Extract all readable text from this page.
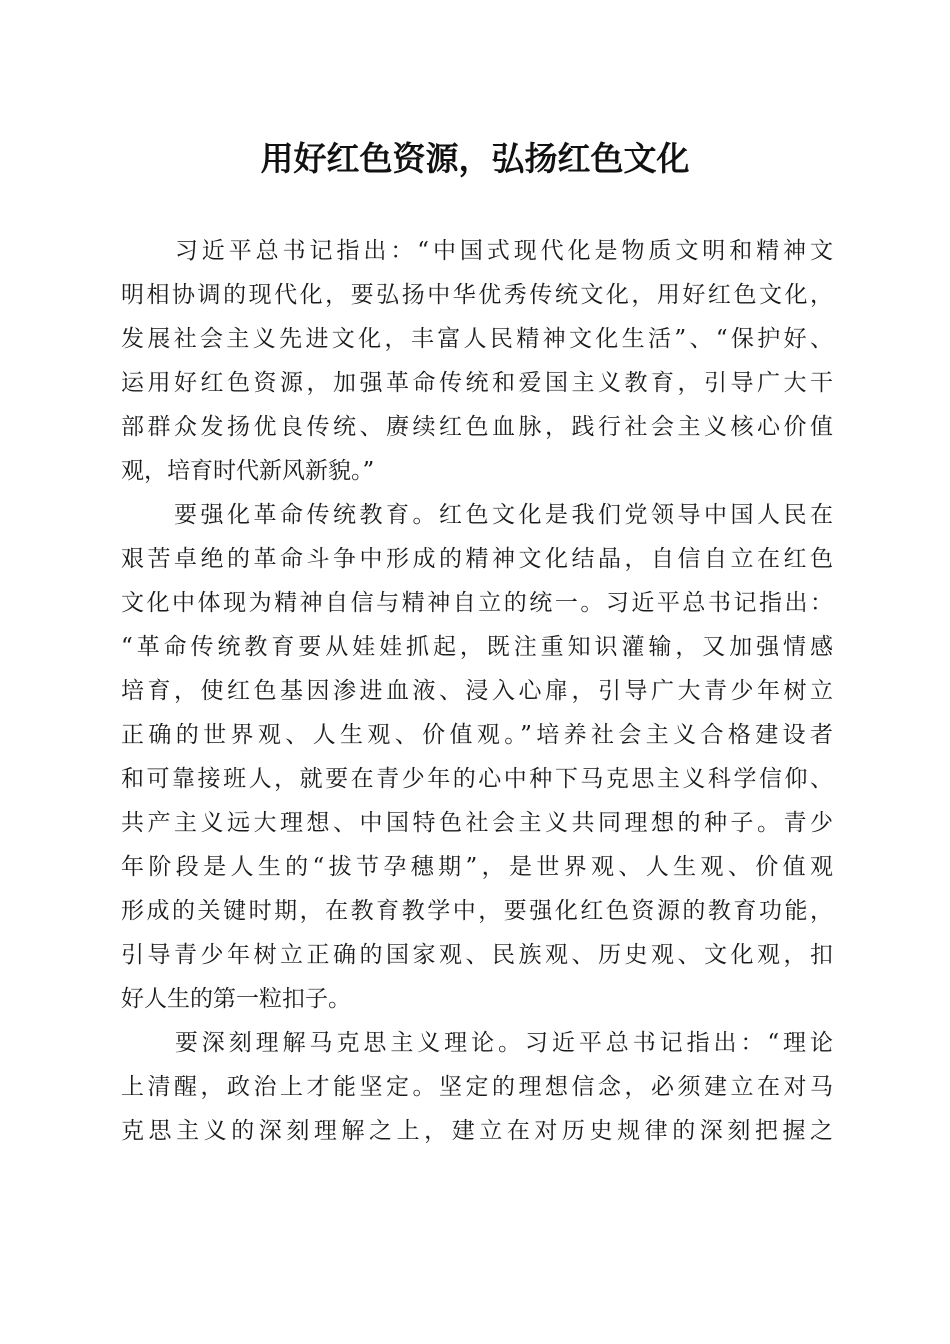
用好红色资源，弘扬红色文化
　　习近平总书记指出：“中国式现代化是物质文明和精神文
明相协调的现代化，要弘扬中华优秀传统文化，用好红色文化，
发展社会主义先进文化，丰富人民精神文化生活”、“保护好、
运用好红色资源，加强革命传统和爱国主义教育，引导广大干
部群众发扬优良传统、赓续红色血脉，践行社会主义核心价值
观，培育时代新风新貌。”
　　要强化革命传统教育。红色文化是我们党领导中国人民在
艰苦卓绝的革命斗争中形成的精神文化结晶，自信自立在红色
文化中体现为精神自信与精神自立的统一。习近平总书记指出：
“革命传统教育要从娃娃抓起，既注重知识灌输，又加强情感
培育，使红色基因渗进血液、浸入心扉，引导广大青少年树立
正确的世界观、人生观、价值观。”培养社会主义合格建设者
和可靠接班人，就要在青少年的心中种下马克思主义科学信仰、
共产主义远大理想、中国特色社会主义共同理想的种子。青少
年阶段是人生的“拔节孕穗期”，是世界观、人生观、价值观
形成的关键时期，在教育教学中，要强化红色资源的教育功能，
引导青少年树立正确的国家观、民族观、历史观、文化观，扣
好人生的第一粒扣子。
　　要深刻理解马克思主义理论。习近平总书记指出：“理论
上清醒，政治上才能坚定。坚定的理想信念，必须建立在对马
克思主义的深刻理解之上，建立在对历史规律的深刻把握之
